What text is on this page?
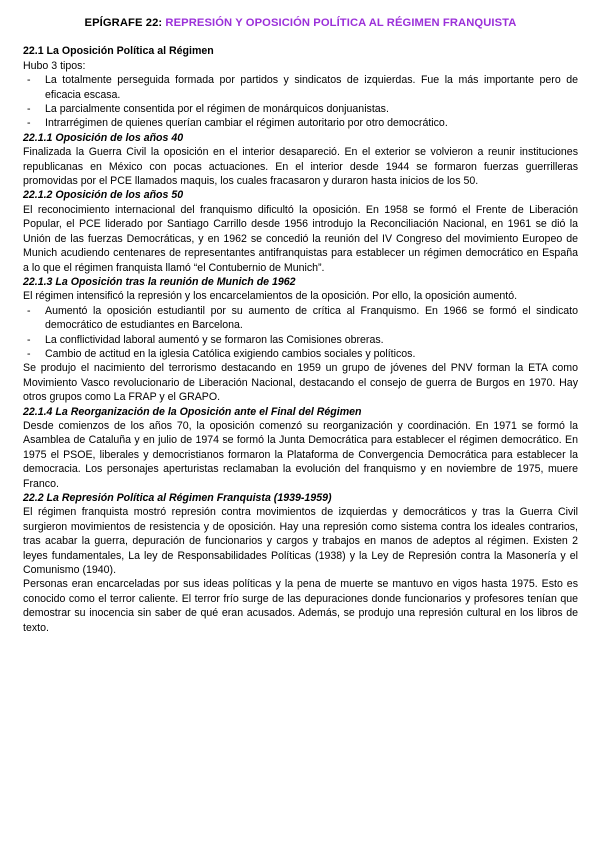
EPÍGRAFE 22: REPRESIÓN Y OPOSICIÓN POLÍTICA AL RÉGIMEN FRANQUISTA
22.1 La Oposición Política al Régimen

Hubo 3 tipos:

- La totalmente perseguida formada por partidos y sindicatos de izquierdas. Fue la más importante pero de eficacia escasa.
- La parcialmente consentida por el régimen de monárquicos donjuanistas.
- Intrarrégimen de quienes querían cambiar el régimen autoritario por otro democrático.
22.1.1 Oposición de los años 40

Finalizada la Guerra Civil la oposición en el interior desapareció. En el exterior se volvieron a reunir instituciones republicanas en México con pocas actuaciones. En el interior desde 1944 se formaron fuerzas guerrilleras promovidas por el PCE llamados maquis, los cuales fracasaron y duraron hasta inicios de los 50.

22.1.2 Oposición de los años 50

El reconocimiento internacional del franquismo dificultó la oposición. En 1958 se formó el Frente de Liberación Popular, el PCE liderado por Santiago Carrillo desde 1956 introdujo la Reconciliación Nacional, en 1961 se dió la Unión de las fuerzas Democráticas, y en 1962 se concedió la reunión del IV Congreso del movimiento Europeo de Munich acudiendo centenares de representantes antifranquistas para establecer un régimen democrático en España a lo que el régimen franquista llamó “el Contubernio de Munich”.

22.1.3 La Oposición tras la reunión de Munich de 1962

El régimen intensificó la represión y los encarcelamientos de la oposición. Por ello, la oposición aumentó.

- Aumentó la oposición estudiantil por su aumento de crítica al Franquismo. En 1966 se formó el sindicato democrático de estudiantes en Barcelona.
- La conflictividad laboral aumentó y se formaron las Comisiones obreras.
- Cambio de actitud en la iglesia Católica exigiendo cambios sociales y políticos.

Se produjo el nacimiento del terrorismo destacando en 1959 un grupo de jóvenes del PNV forman la ETA como Movimiento Vasco revolucionario de Liberación Nacional, destacando el consejo de guerra de Burgos en 1970. Hay otros grupos como La FRAP y el GRAPO.

22.1.4 La Reorganización de la Oposición ante el Final del Régimen

Desde comienzos de los años 70, la oposición comenzó su reorganización y coordinación. En 1971 se formó la Asamblea de Cataluña y en julio de 1974 se formó la Junta Democrática para establecer el régimen democrático. En 1975 el PSOE, liberales y democristianos formaron la Plataforma de Convergencia Democrática para establecer la democracia. Los personajes aperturistas reclamaban la evolución del franquismo y en noviembre de 1975, muere Franco.

22.2 La Represión Política al Régimen Franquista (1939-1959)

El régimen franquista mostró represión contra movimientos de izquierdas y democráticos y tras la Guerra Civil surgieron movimientos de resistencia y de oposición. Hay una represión como sistema contra los ideales contrarios, tras acabar la guerra, depuración de funcionarios y cargos y trabajos en manos de adeptos al régimen. Existen 2 leyes fundamentales, La ley de Responsabilidades Políticas (1938) y la Ley de Represión contra la Masonería y el Comunismo (1940).

Personas eran encarceladas por sus ideas políticas y la pena de muerte se mantuvo en vigos hasta 1975. Esto es conocido como el terror caliente. El terror frío surge de las depuraciones donde funcionarios y profesores tenían que demostrar su inocencia sin saber de qué eran acusados. Además, se produjo una represión cultural en los libros de texto.
